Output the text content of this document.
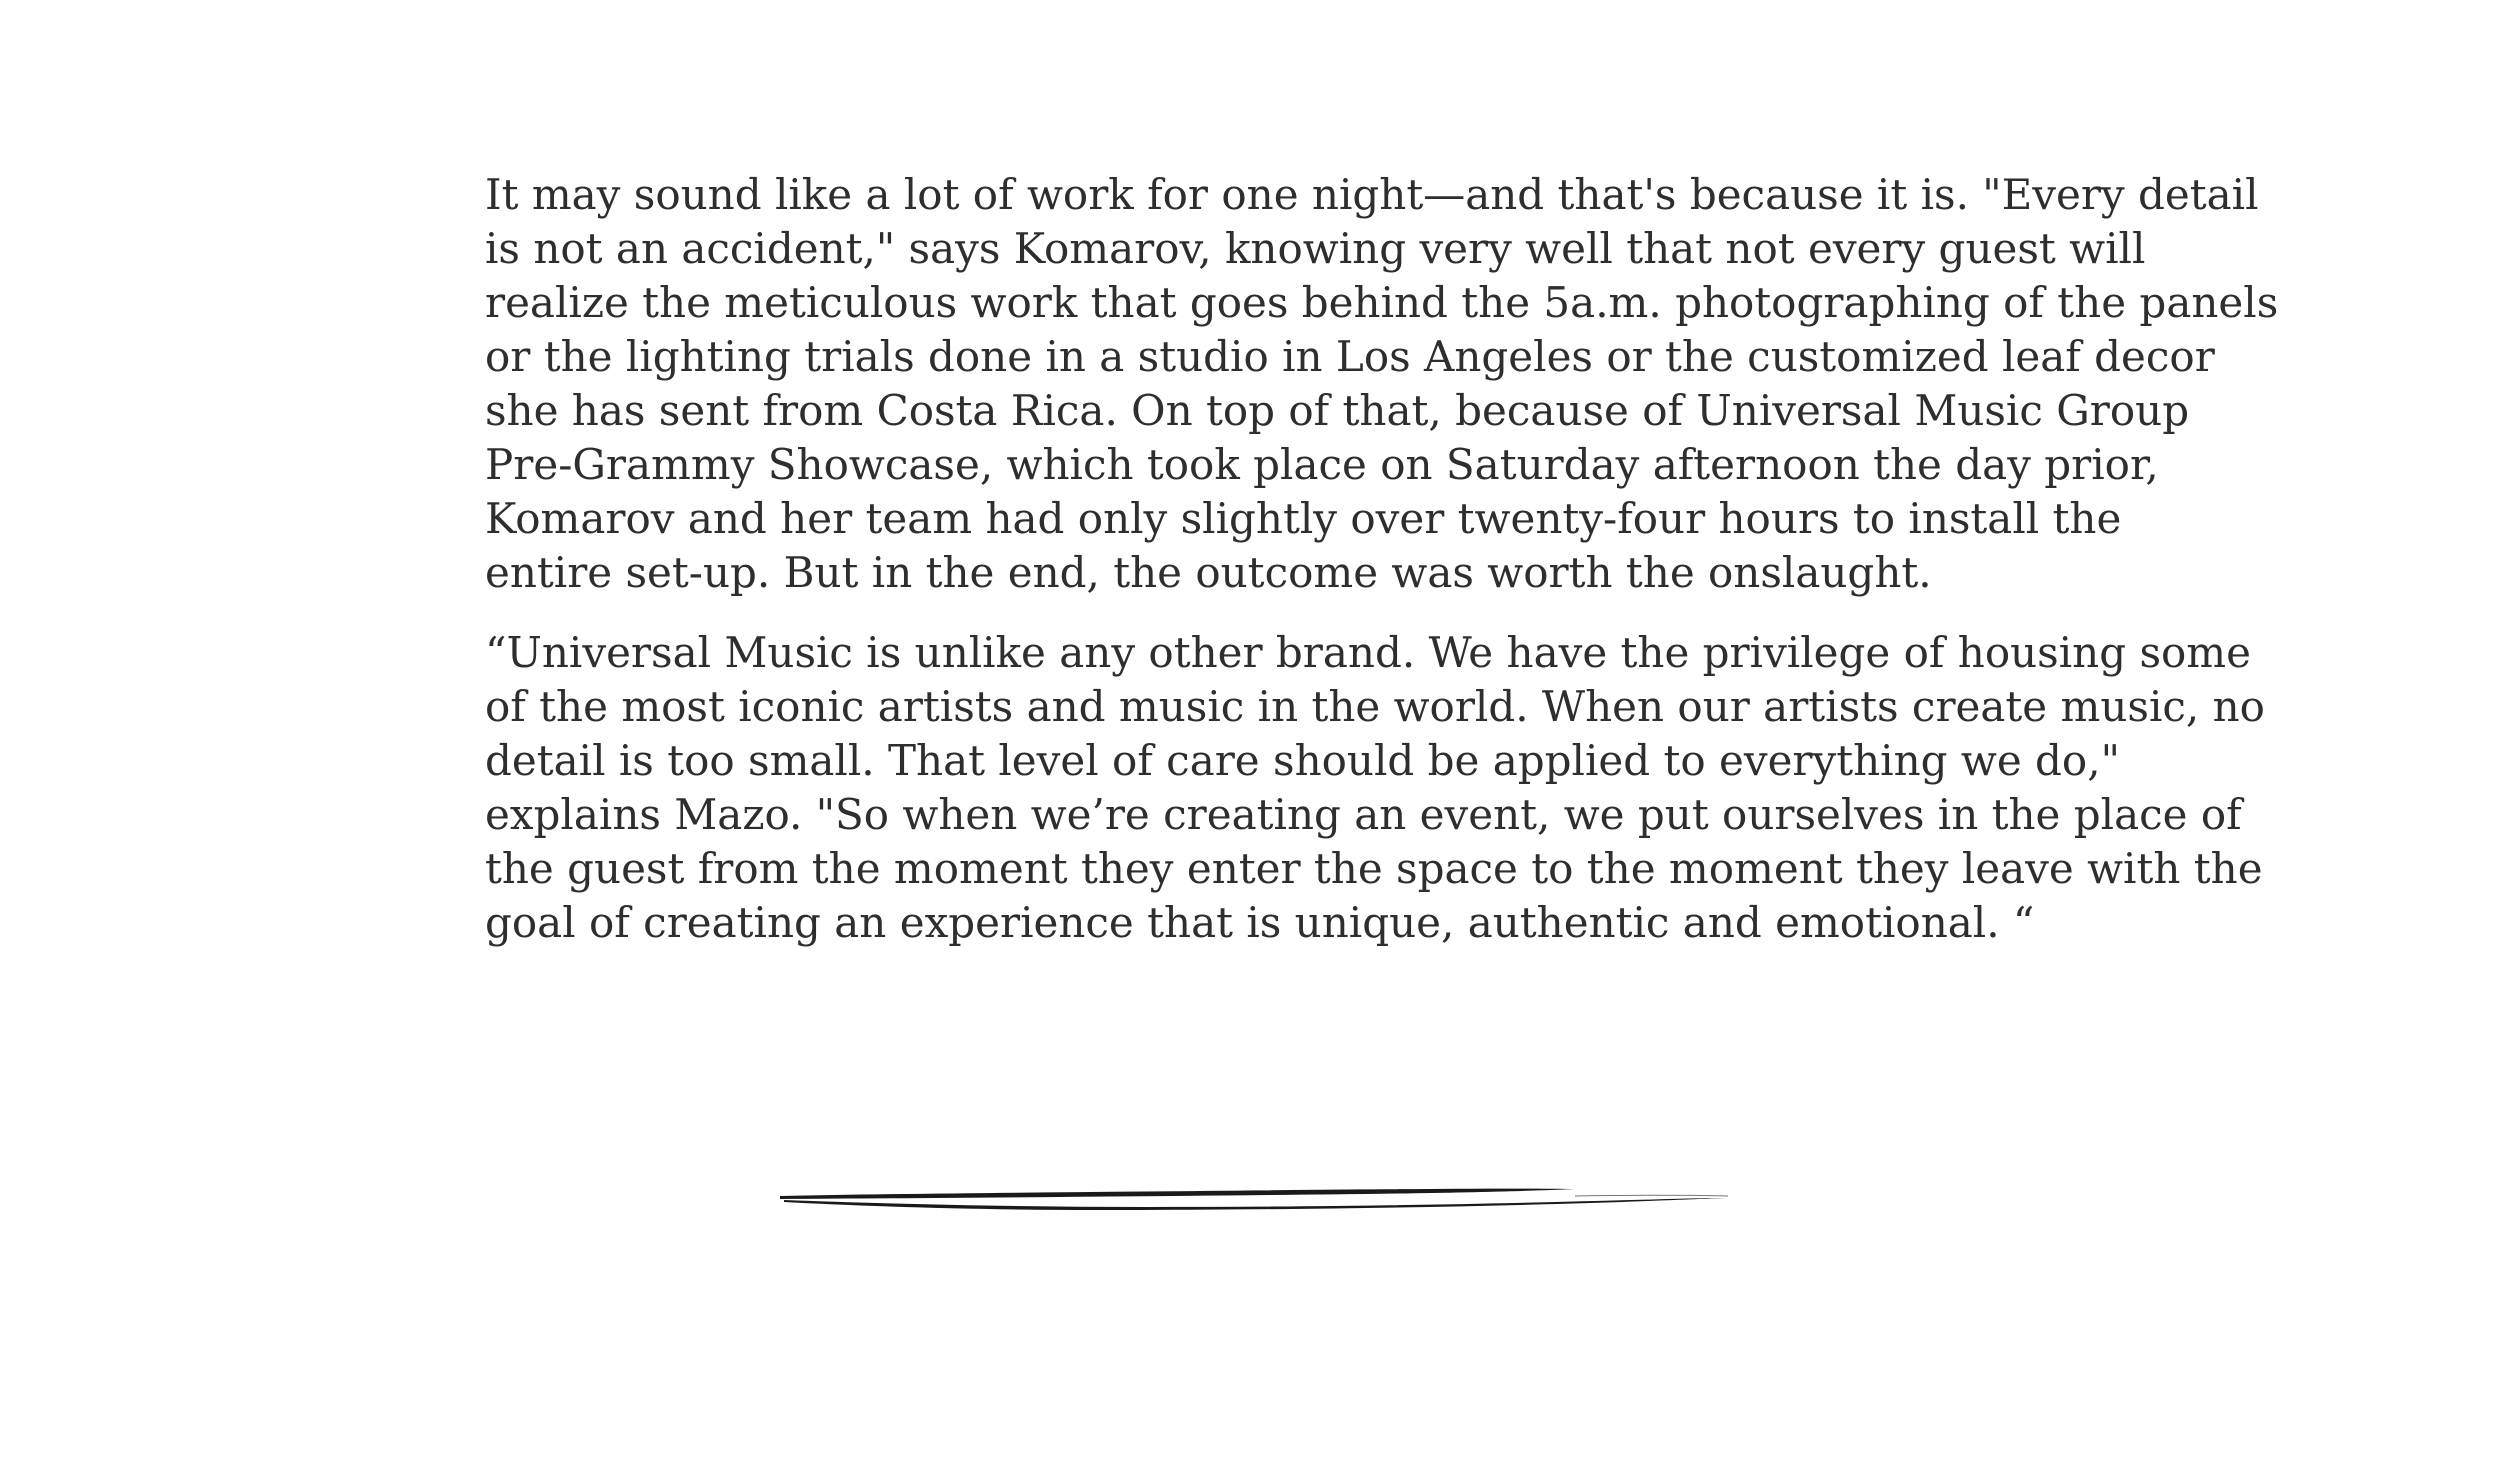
It may sound like a lot of work for one night—and that's because it is. "Every detail
is not an accident," says Komarov, knowing very well that not every guest will
realize the meticulous work that goes behind the 5a.m. photographing of the panels
or the lighting trials done in a studio in Los Angeles or the customized leaf decor
she has sent from Costa Rica. On top of that, because of Universal Music Group
Pre-Grammy Showcase, which took place on Saturday afternoon the day prior,
Komarov and her team had only slightly over twenty-four hours to install the
entire set-up. But in the end, the outcome was worth the onslaught.

“Universal Music is unlike any other brand. We have the privilege of housing some
of the most iconic artists and music in the world. When our artists create music, no
detail is too small. That level of care should be applied to everything we do,"
explains Mazo. "So when we’re creating an event, we put ourselves in the place of
the guest from the moment they enter the space to the moment they leave with the
goal of creating an experience that is unique, authentic and emotional. “
